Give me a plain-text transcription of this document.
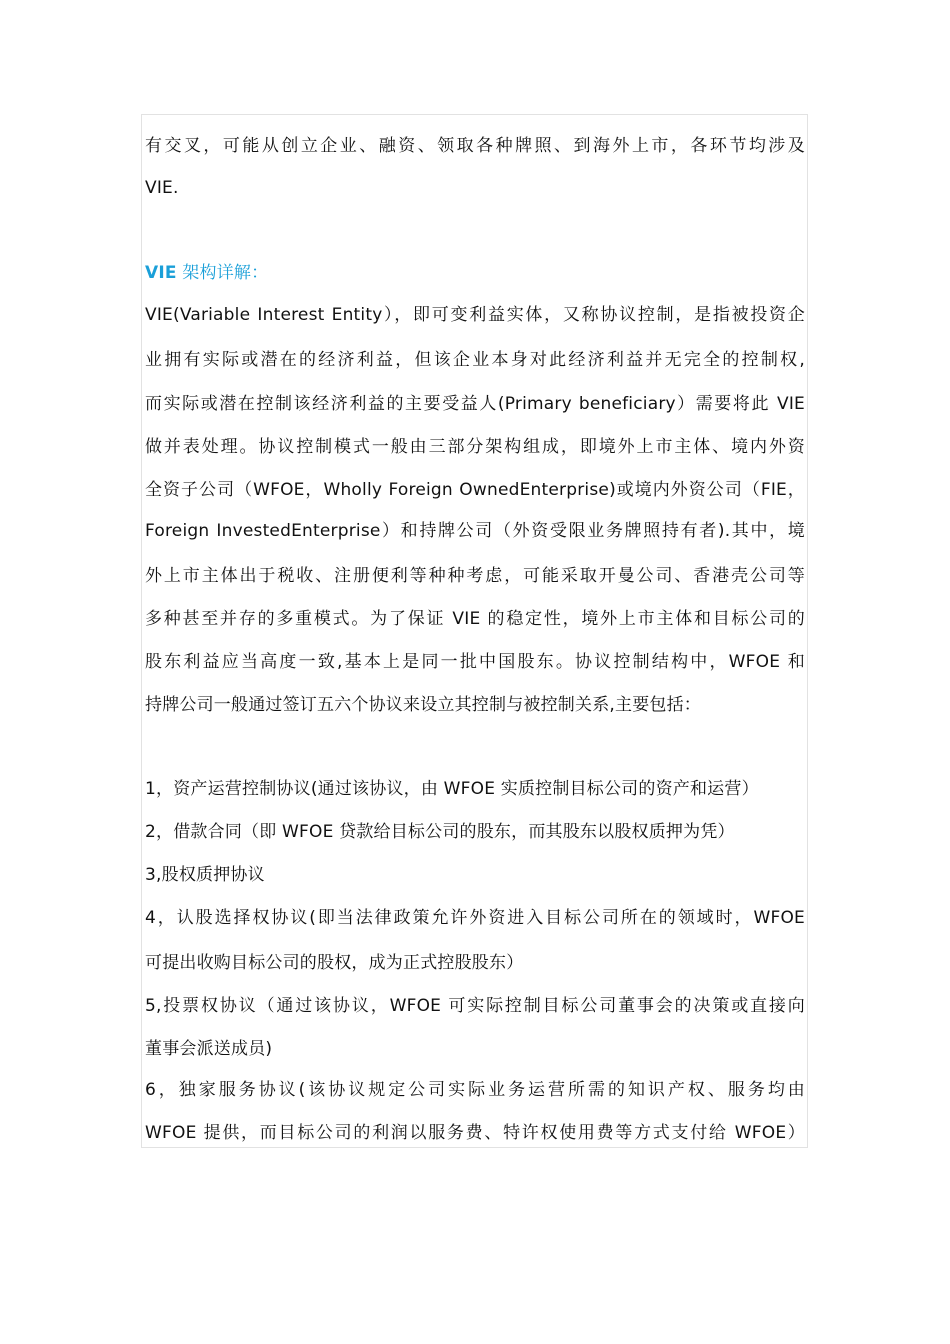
有交叉，可能从创立企业、融资、领取各种牌照、到海外上市，各环节均涉及
VIE.
VIE 架构详解：
VIE(Variable Interest Entity），即可变利益实体，又称协议控制，是指被投资企
业拥有实际或潜在的经济利益，但该企业本身对此经济利益并无完全的控制权,
而实际或潜在控制该经济利益的主要受益人(Primary beneficiary）需要将此 VIE
做并表处理。协议控制模式一般由三部分架构组成，即境外上市主体、境内外资
全资子公司（WFOE，Wholly Foreign OwnedEnterprise)或境内外资公司（FIE，
Foreign InvestedEnterprise）和持牌公司（外资受限业务牌照持有者).其中，境
外上市主体出于税收、注册便利等种种考虑，可能采取开曼公司、香港壳公司等
多种甚至并存的多重模式。为了保证 VIE 的稳定性，境外上市主体和目标公司的
股东利益应当高度一致,基本上是同一批中国股东。协议控制结构中，WFOE 和
持牌公司一般通过签订五六个协议来设立其控制与被控制关系,主要包括：
1，资产运营控制协议(通过该协议，由 WFOE 实质控制目标公司的资产和运营）
2，借款合同（即 WFOE 贷款给目标公司的股东，而其股东以股权质押为凭）
3,股权质押协议
4，认股选择权协议(即当法律政策允许外资进入目标公司所在的领域时，WFOE
可提出收购目标公司的股权，成为正式控股股东）
5,投票权协议（通过该协议，WFOE 可实际控制目标公司董事会的决策或直接向
董事会派送成员)
6，独家服务协议(该协议规定公司实际业务运营所需的知识产权、服务均由
WFOE 提供，而目标公司的利润以服务费、特许权使用费等方式支付给 WFOE）
